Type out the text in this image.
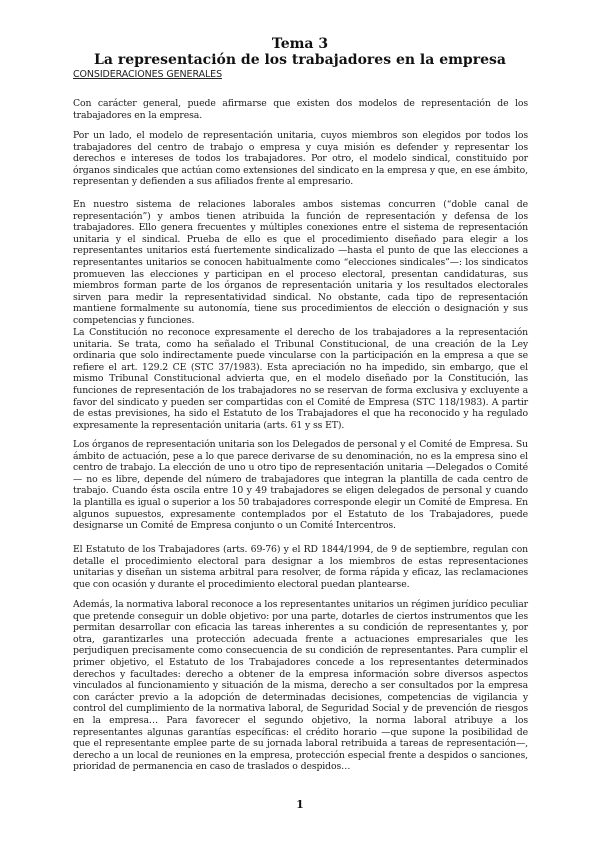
Tema 3
La representación de los trabajadores en la empresa
CONSIDERACIONES GENERALES

Con carácter general, puede afirmarse que existen dos modelos de representación de los trabajadores en la empresa.

Por un lado, el modelo de representación unitaria, cuyos miembros son elegidos por todos los trabajadores del centro de trabajo o empresa y cuya misión es defender y representar los derechos e intereses de todos los trabajadores. Por otro, el modelo sindical, constituido por órganos sindicales que actúan como extensiones del sindicato en la empresa y que, en ese ámbito, representan y defienden a sus afiliados frente al empresario.

En nuestro sistema de relaciones laborales ambos sistemas concurren (“doble canal de representación”) y ambos tienen atribuida la función de representación y defensa de los trabajadores. Ello genera frecuentes y múltiples conexiones entre el sistema de representación unitaria y el sindical. Prueba de ello es que el procedimiento diseñado para elegir a los representantes unitarios está fuertemente sindicalizado —hasta el punto de que las elecciones a representantes unitarios se conocen habitualmente como “elecciones sindicales”—: los sindicatos promueven las elecciones y participan en el proceso electoral, presentan candidaturas, sus miembros forman parte de los órganos de representación unitaria y los resultados electorales sirven para medir la representatividad sindical. No obstante, cada tipo de representación mantiene formalmente su autonomía, tiene sus procedimientos de elección o designación y sus competencias y funciones.

La Constitución no reconoce expresamente el derecho de los trabajadores a la representación unitaria. Se trata, como ha señalado el Tribunal Constitucional, de una creación de la Ley ordinaria que solo indirectamente puede vincularse con la participación en la empresa a que se refiere el art. 129.2 CE (STC 37/1983). Esta apreciación no ha impedido, sin embargo, que el mismo Tribunal Constitucional advierta que, en el modelo diseñado por la Constitución, las funciones de representación de los trabajadores no se reservan de forma exclusiva y excluyente a favor del sindicato y pueden ser compartidas con el Comité de Empresa (STC 118/1983). A partir de estas previsiones, ha sido el Estatuto de los Trabajadores el que ha reconocido y ha regulado expresamente la representación unitaria (arts. 61 y ss ET).

Los órganos de representación unitaria son los Delegados de personal y el Comité de Empresa. Su ámbito de actuación, pese a lo que parece derivarse de su denominación, no es la empresa sino el centro de trabajo. La elección de uno u otro tipo de representación unitaria —Delegados o Comité— no es libre, depende del número de trabajadores que integran la plantilla de cada centro de trabajo. Cuando ésta oscila entre 10 y 49 trabajadores se eligen delegados de personal y cuando la plantilla es igual o superior a los 50 trabajadores corresponde elegir un Comité de Empresa. En algunos supuestos, expresamente contemplados por el Estatuto de los Trabajadores, puede designarse un Comité de Empresa conjunto o un Comité Intercentros.

El Estatuto de los Trabajadores (arts. 69-76) y el RD 1844/1994, de 9 de septiembre, regulan con detalle el procedimiento electoral para designar a los miembros de estas representaciones unitarias y diseñan un sistema arbitral para resolver, de forma rápida y eficaz, las reclamaciones que con ocasión y durante el procedimiento electoral puedan plantearse.

Además, la normativa laboral reconoce a los representantes unitarios un régimen jurídico peculiar que pretende conseguir un doble objetivo: por una parte, dotarles de ciertos instrumentos que les permitan desarrollar con eficacia las tareas inherentes a su condición de representantes y, por otra, garantizarles una protección adecuada frente a actuaciones empresariales que les perjudiquen precisamente como consecuencia de su condición de representantes. Para cumplir el primer objetivo, el Estatuto de los Trabajadores concede a los representantes determinados derechos y facultades: derecho a obtener de la empresa información sobre diversos aspectos vinculados al funcionamiento y situación de la misma, derecho a ser consultados por la empresa con carácter previo a la adopción de determinadas decisiones, competencias de vigilancia y control del cumplimiento de la normativa laboral, de Seguridad Social y de prevención de riesgos en la empresa… Para favorecer el segundo objetivo, la norma laboral atribuye a los representantes algunas garantías específicas: el crédito horario —que supone la posibilidad de que el representante emplee parte de su jornada laboral retribuida a tareas de representación—, derecho a un local de reuniones en la empresa, protección especial frente a despidos o sanciones, prioridad de permanencia en caso de traslados o despidos…

1
